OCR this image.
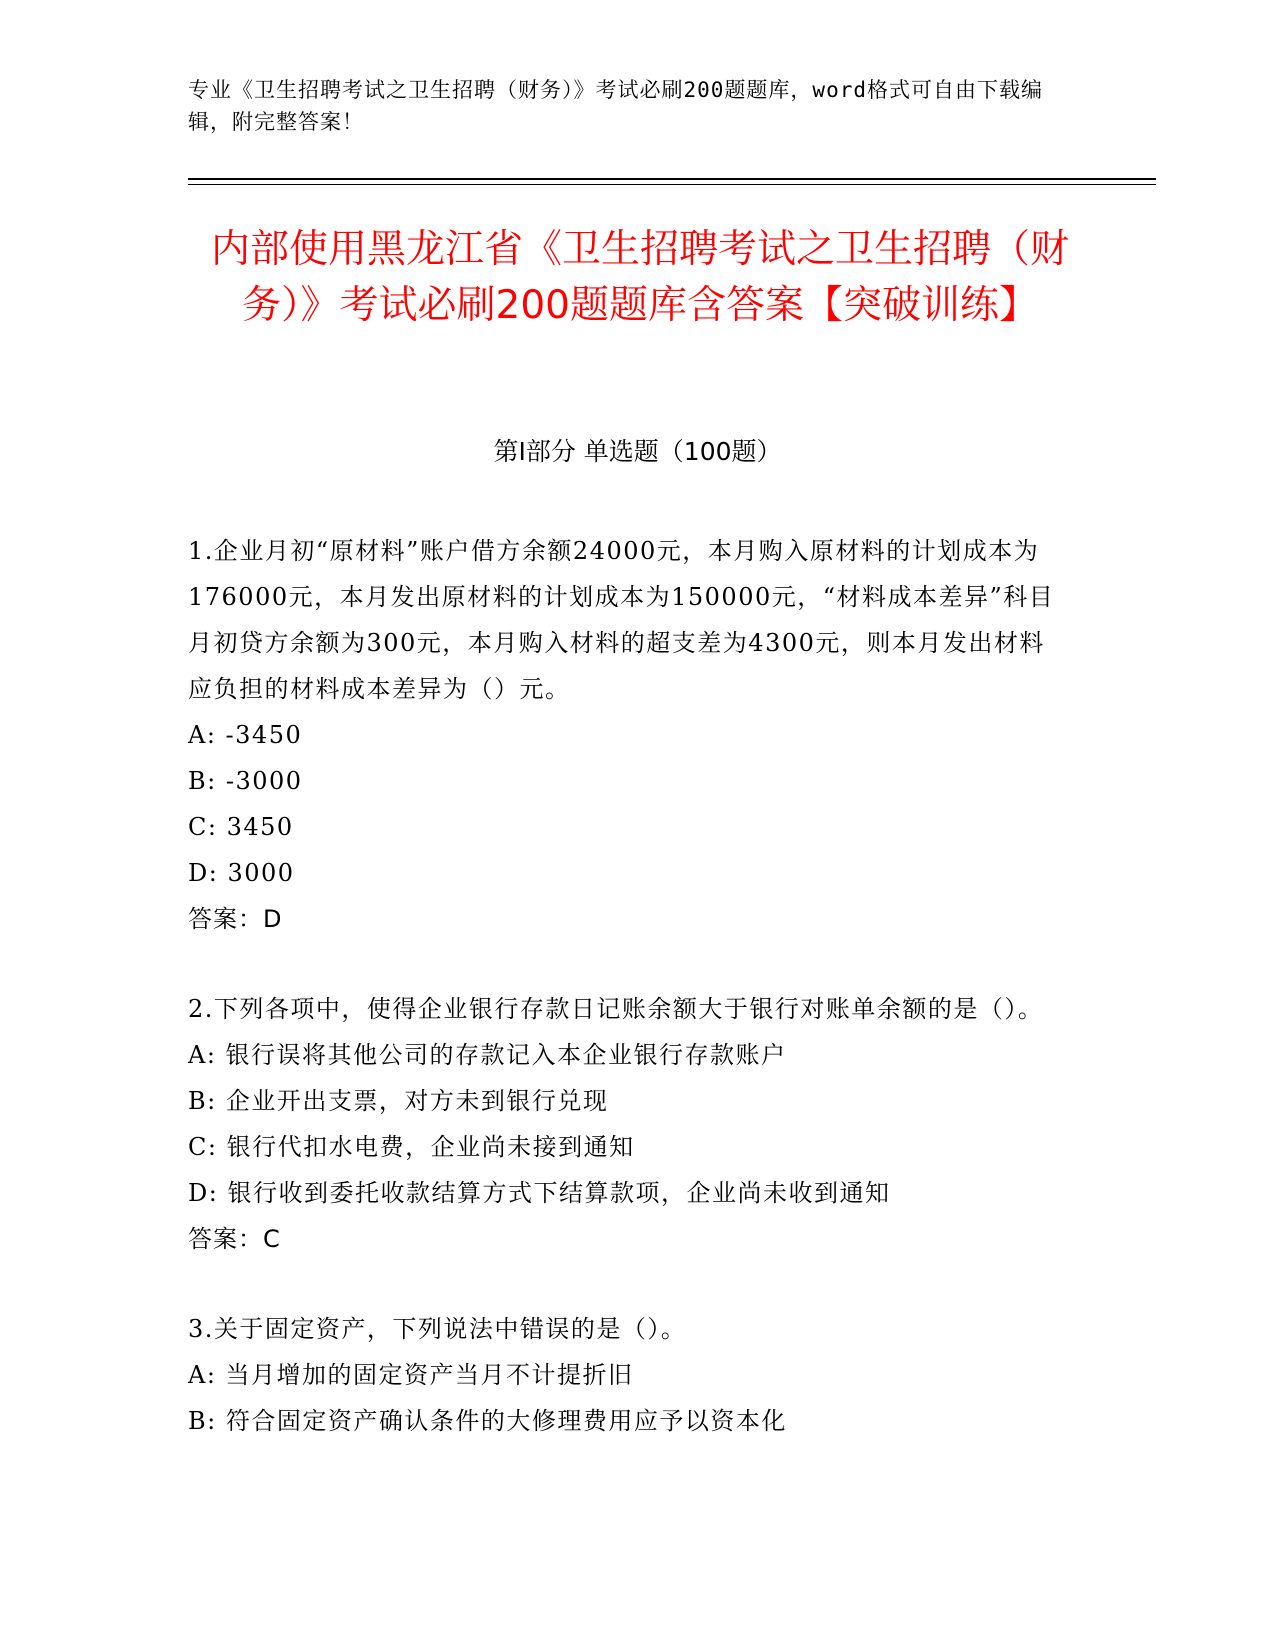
专业《卫生招聘考试之卫生招聘（财务）》考试必刷200题题库，word格式可自由下载编辑，附完整答案！
内部使用黑龙江省《卫生招聘考试之卫生招聘（财务）》考试必刷200题题库含答案【突破训练】
第Ⅰ部分 单选题（100题）

1.企业月初“原材料”账户借方余额24000元，本月购入原材料的计划成本为176000元，本月发出原材料的计划成本为150000元，“材料成本差异”科目月初贷方余额为300元，本月购入材料的超支差为4300元，则本月发出材料应负担的材料成本差异为（）元。

A: -3450

B: -3000

C: 3450

D: 3000

答案：D

2.下列各项中，使得企业银行存款日记账余额大于银行对账单余额的是（）。

A: 银行误将其他公司的存款记入本企业银行存款账户

B: 企业开出支票，对方未到银行兑现

C: 银行代扣水电费，企业尚未接到通知

D: 银行收到委托收款结算方式下结算款项，企业尚未收到通知

答案：C

3.关于固定资产，下列说法中错误的是（）。

A: 当月增加的固定资产当月不计提折旧

B: 符合固定资产确认条件的大修理费用应予以资本化
